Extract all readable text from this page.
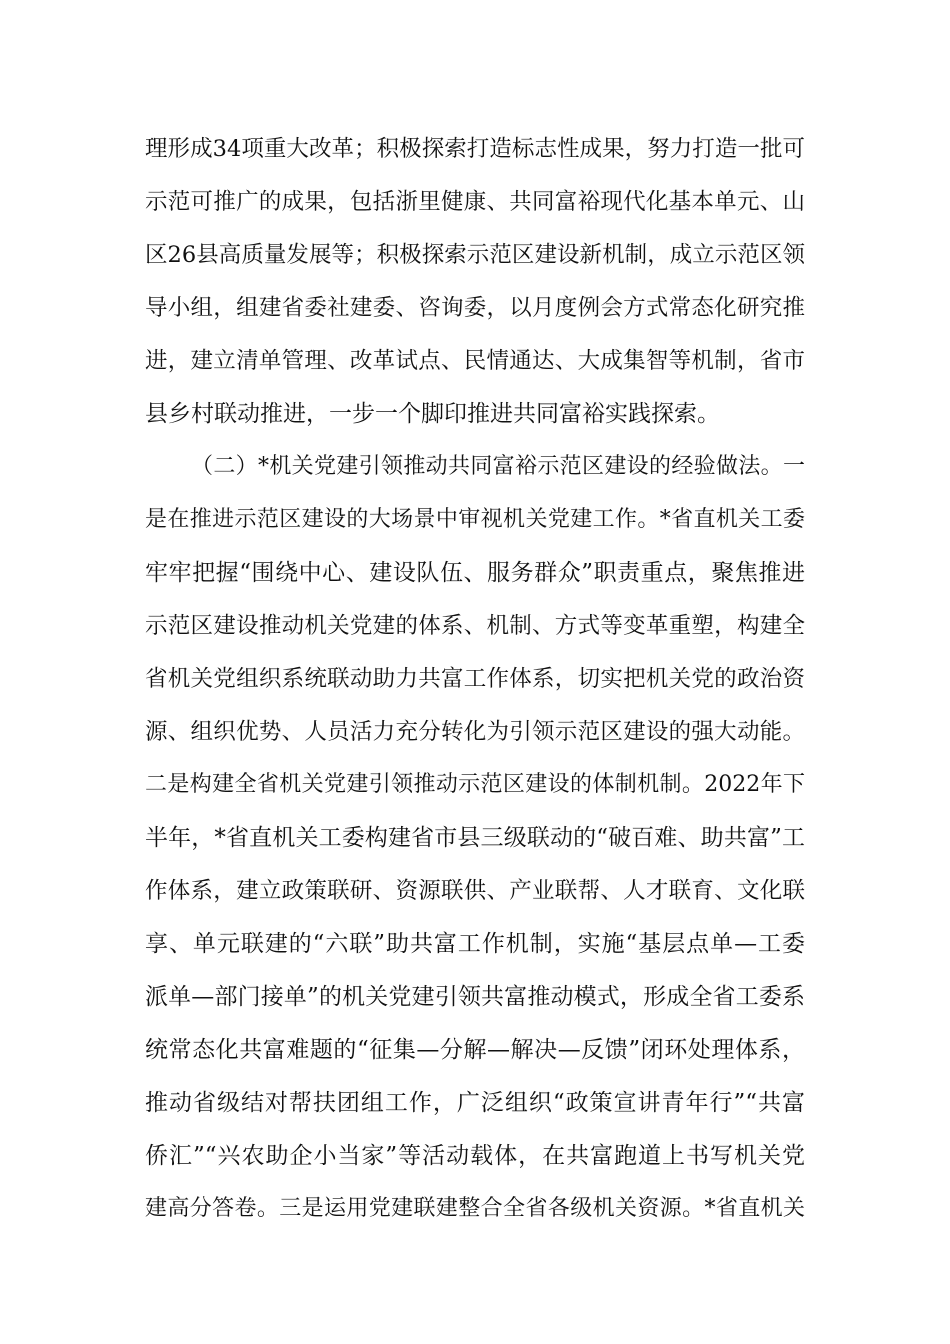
理形成34项重大改革；积极探索打造标志性成果，努力打造一批可
示范可推广的成果，包括浙里健康、共同富裕现代化基本单元、山
区26县高质量发展等；积极探索示范区建设新机制，成立示范区领
导小组，组建省委社建委、咨询委，以月度例会方式常态化研究推
进，建立清单管理、改革试点、民情通达、大成集智等机制，省市
县乡村联动推进，一步一个脚印推进共同富裕实践探索。
（二）*机关党建引领推动共同富裕示范区建设的经验做法。一
是在推进示范区建设的大场景中审视机关党建工作。*省直机关工委
牢牢把握“围绕中心、建设队伍、服务群众”职责重点，聚焦推进
示范区建设推动机关党建的体系、机制、方式等变革重塑，构建全
省机关党组织系统联动助力共富工作体系，切实把机关党的政治资
源、组织优势、人员活力充分转化为引领示范区建设的强大动能。
二是构建全省机关党建引领推动示范区建设的体制机制。2022年下
半年，*省直机关工委构建省市县三级联动的“破百难、助共富”工
作体系，建立政策联研、资源联供、产业联帮、人才联育、文化联
享、单元联建的“六联”助共富工作机制，实施“基层点单—工委
派单—部门接单”的机关党建引领共富推动模式，形成全省工委系
统常态化共富难题的“征集—分解—解决—反馈”闭环处理体系，
推动省级结对帮扶团组工作，广泛组织“政策宣讲青年行”“共富
侨汇”“兴农助企小当家”等活动载体，在共富跑道上书写机关党
建高分答卷。三是运用党建联建整合全省各级机关资源。*省直机关
